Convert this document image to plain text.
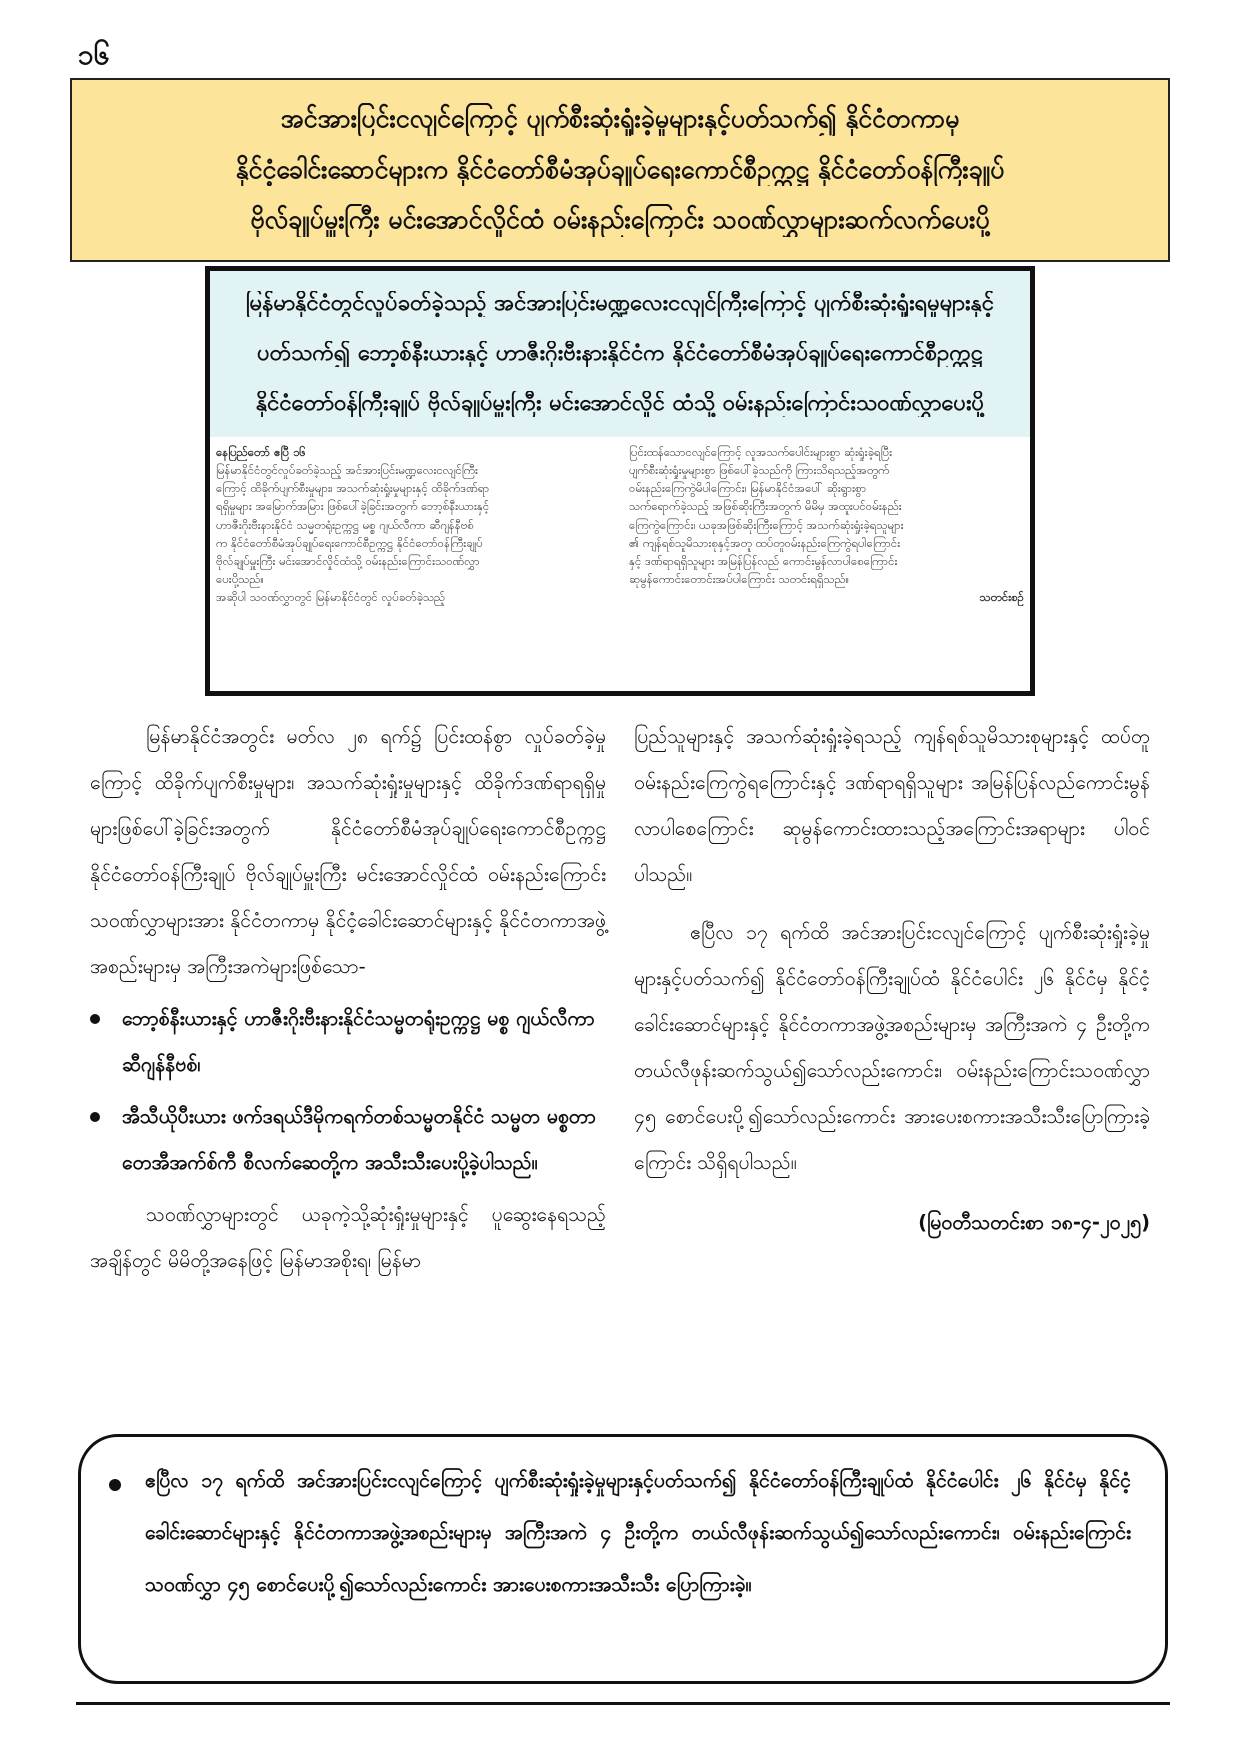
၁၆
အင်အားပြင်းငလျင်ကြောင့် ပျက်စီးဆုံးရှုံးခဲ့မှုများနှင့်ပတ်သက်၍ နိုင်ငံတကာမှ
နိုင်ငံ့ခေါင်းဆောင်များက နိုင်ငံတော်စီမံအုပ်ချုပ်ရေးကောင်စီဥက္ကဋ္ဌ နိုင်ငံတော်ဝန်ကြီးချုပ်
ဗိုလ်ချုပ်မှူးကြီး မင်းအောင်လှိုင်ထံ ဝမ်းနည်းကြောင်း သဝဏ်လွှာများဆက်လက်ပေးပို့
မြန်မာနိုင်ငံတွင်လှုပ်ခတ်ခဲ့သည့် အင်အားပြင်းမဏ္ဍလေးငလျင်ကြီးကြောင့် ပျက်စီးဆုံးရှုံးရမှုများနှင့်
ပတ်သက်၍ ဘော့စ်နီးယားနှင့် ဟာဇီးဂိုးဗီးနားနိုင်ငံက နိုင်ငံတော်စီမံအုပ်ချုပ်ရေးကောင်စီဥက္ကဋ္ဌ
နိုင်ငံတော်ဝန်ကြီးချုပ် ဗိုလ်ချုပ်မှူးကြီး မင်းအောင်လှိုင် ထံသို့ ဝမ်းနည်းကြောင်းသဝဏ်လွှာပေးပို့
နေပြည်တော် ဧပြီ ၁၆
မြန်မာနိုင်ငံတွင်လှုပ်ခတ်ခဲ့သည့် အင်အားပြင်းမဏ္ဍလေးငလျင်ကြီး
ကြောင့် ထိခိုက်ပျက်စီးမှုများ၊ အသက်ဆုံးရှုံးမှုများနှင့် ထိခိုက်ဒဏ်ရာ
ရရှိမှုများ အမြောက်အမြား ဖြစ်ပေါ်ခဲ့ခြင်းအတွက် ဘော့စ်နီးယားနှင့်
ဟာဇီးဂိုးဗီးနားနိုင်ငံ သမ္မတရုံးဥက္ကဋ္ဌ မစ္စ ဂျယ်လီကာ ဆီဂျန်နီဗစ်
က နိုင်ငံတော်စီမံအုပ်ချုပ်ရေးကောင်စီဥက္ကဋ္ဌ နိုင်ငံတော်ဝန်ကြီးချုပ်
ဗိုလ်ချုပ်မှူးကြီး မင်းအောင်လှိုင်ထံသို့ ဝမ်းနည်းကြောင်းသဝဏ်လွှာ
ပေးပို့သည်။
အဆိုပါ သဝဏ်လွှာတွင် မြန်မာနိုင်ငံတွင် လှုပ်ခတ်ခဲ့သည့်
ပြင်းထန်သောငလျင်ကြောင့် လူအသက်ပေါင်းများစွာ ဆုံးရှုံးခဲ့ရပြီး
ပျက်စီးဆုံးရှုံးမှုများစွာ ဖြစ်ပေါ်ခဲ့သည်ကို ကြားသိရသည့်အတွက်
ဝမ်းနည်းကြေကွဲမိပါကြောင်း၊ မြန်မာနိုင်ငံအပေါ် ဆိုးရွားစွာ
သက်ရောက်ခဲ့သည့် အဖြစ်ဆိုးကြီးအတွက် မိမိမှ အထူးပင်ဝမ်းနည်း
ကြေကွဲကြောင်း၊ ယခုအဖြစ်ဆိုးကြီးကြောင့် အသက်ဆုံးရှုံးခဲ့ရသူများ
၏ ကျန်ရစ်သူမိသားစုနှင့်အတူ ထပ်တူဝမ်းနည်းကြေကွဲရပါကြောင်း
နှင့် ဒဏ်ရာရရှိသူများ အမြန်ပြန်လည် ကောင်းမွန်လာပါစေကြောင်း
ဆုမွန်ကောင်းတောင်းအပ်ပါကြောင်း သတင်းရရှိသည်။
သတင်းစဉ်

မြန်မာနိုင်ငံအတွင်း မတ်လ ၂၈ ရက်၌ ပြင်းထန်စွာ လှုပ်ခတ်ခဲ့မှုကြောင့် ထိခိုက်ပျက်စီးမှုများ၊ အသက်ဆုံးရှုံးမှုများနှင့် ထိခိုက်ဒဏ်ရာရရှိမှုများဖြစ်ပေါ်ခဲ့ခြင်းအတွက် နိုင်ငံတော်စီမံအုပ်ချုပ်ရေးကောင်စီဥက္ကဋ္ဌ နိုင်ငံတော်ဝန်ကြီးချုပ် ဗိုလ်ချုပ်မှူးကြီး မင်းအောင်လှိုင်ထံ ဝမ်းနည်းကြောင်း သဝဏ်လွှာများအား နိုင်ငံတကာမှ နိုင်ငံ့ခေါင်းဆောင်များနှင့် နိုင်ငံတကာအဖွဲ့အစည်းများမှ အကြီးအကဲများဖြစ်သော-

ဘော့စ်နီးယားနှင့် ဟာဇီးဂိုးဗီးနားနိုင်ငံသမ္မတရုံးဥက္ကဋ္ဌ မစ္စ ဂျယ်လီကာ ဆီဂျန်နီဗစ်၊
အီသီယိုပီးယား ဖက်ဒရယ်ဒီမိုကရက်တစ်သမ္မတနိုင်ငံ သမ္မတ မစ္စတာ တေအီအက်စ်ကီ စီလက်ဆေတို့က အသီးသီးပေးပို့ခဲ့ပါသည်။

သဝဏ်လွှာများတွင် ယခုကဲ့သို့ဆုံးရှုံးမှုများနှင့် ပူဆွေးနေရသည့်အချိန်တွင် မိမိတို့အနေဖြင့် မြန်မာအစိုးရ၊ မြန်မာ

ပြည်သူများနှင့် အသက်ဆုံးရှုံးခဲ့ရသည့် ကျန်ရစ်သူမိသားစုများနှင့် ထပ်တူဝမ်းနည်းကြေကွဲရကြောင်းနှင့် ဒဏ်ရာရရှိသူများ အမြန်ပြန်လည်ကောင်းမွန်လာပါစေကြောင်း ဆုမွန်ကောင်းထားသည့်အကြောင်းအရာများ ပါဝင်ပါသည်။

ဧပြီလ ၁၇ ရက်ထိ အင်အားပြင်းငလျင်ကြောင့် ပျက်စီးဆုံးရှုံးခဲ့မှုများနှင့်ပတ်သက်၍ နိုင်ငံတော်ဝန်ကြီးချုပ်ထံ နိုင်ငံပေါင်း ၂၆ နိုင်ငံမှ နိုင်ငံ့ခေါင်းဆောင်များနှင့် နိုင်ငံတကာအဖွဲ့အစည်းများမှ အကြီးအကဲ ၄ ဦးတို့က တယ်လီဖုန်းဆက်သွယ်၍သော်လည်းကောင်း၊ ဝမ်းနည်းကြောင်းသဝဏ်လွှာ ၄၅ စောင်ပေးပို့၍သော်လည်းကောင်း အားပေးစကားအသီးသီးပြောကြားခဲ့ကြောင်း သိရှိရပါသည်။

(မြဝတီသတင်းစာ ၁၈-၄-၂၀၂၅)
ဧပြီလ ၁၇ ရက်ထိ အင်အားပြင်းငလျင်ကြောင့် ပျက်စီးဆုံးရှုံးခဲ့မှုများနှင့်ပတ်သက်၍ နိုင်ငံတော်ဝန်ကြီးချုပ်ထံ နိုင်ငံပေါင်း ၂၆ နိုင်ငံမှ နိုင်ငံ့ခေါင်းဆောင်များနှင့် နိုင်ငံတကာအဖွဲ့အစည်းများမှ အကြီးအကဲ ၄ ဦးတို့က တယ်လီဖုန်းဆက်သွယ်၍သော်လည်းကောင်း၊ ဝမ်းနည်းကြောင်းသဝဏ်လွှာ ၄၅ စောင်ပေးပို့၍သော်လည်းကောင်း အားပေးစကားအသီးသီး ပြောကြားခဲ့။
